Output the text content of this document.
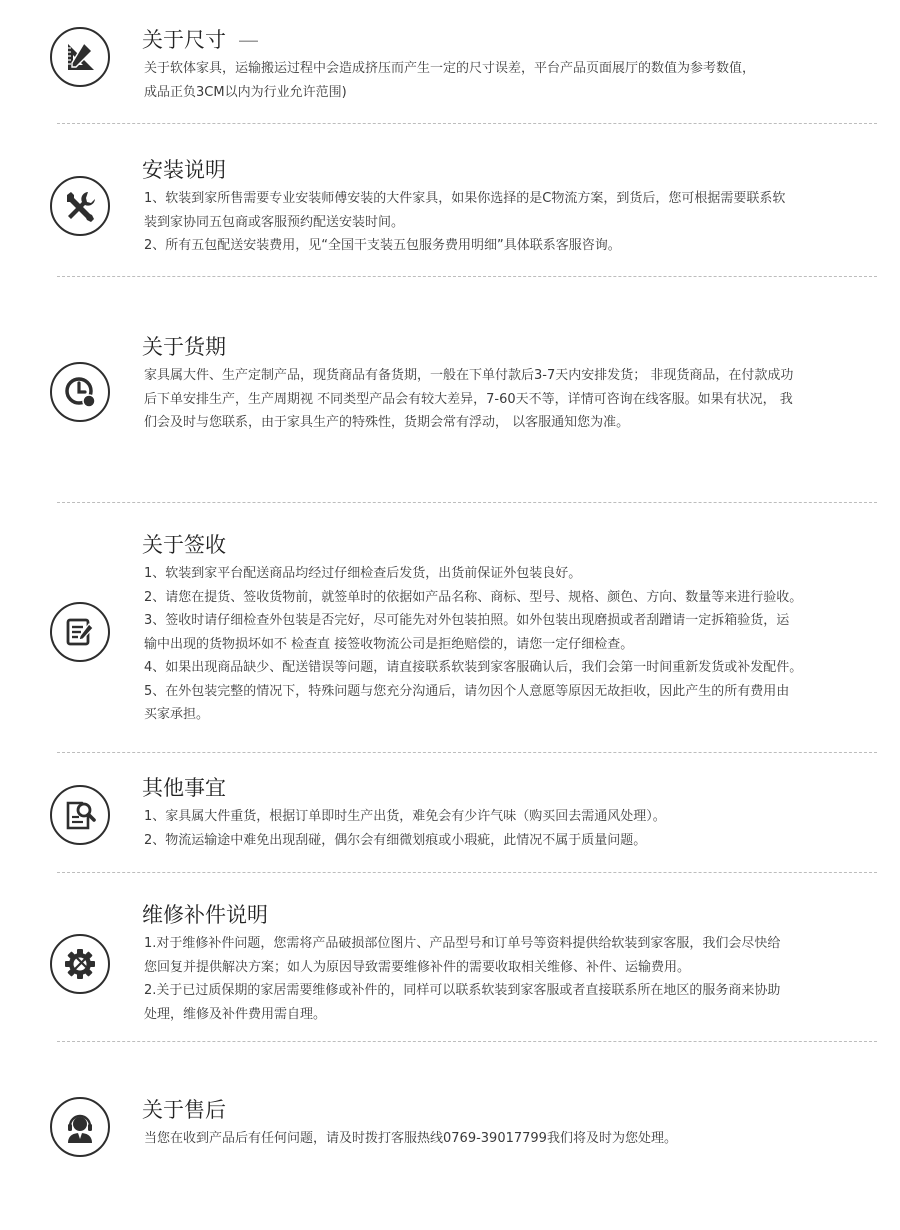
关于尺寸 —

关于软体家具，运输搬运过程中会造成挤压而产生一定的尺寸误差，平台产品页面展厅的数值为参考数值，

成品正负3CM以内为行业允许范围)

安装说明

1、软装到家所售需要专业安装师傅安装的大件家具，如果你选择的是C物流方案，到货后，您可根据需要联系软

装到家协同五包商或客服预约配送安装时间。

2、所有五包配送安装费用，见“全国干支装五包服务费用明细”具体联系客服咨询。

关于货期

家具属大件、生产定制产品，现货商品有备货期，一般在下单付款后3-7天内安排发货； 非现货商品，在付款成功

后下单安排生产，生产周期视 不同类型产品会有较大差异，7-60天不等，详情可咨询在线客服。如果有状况， 我

们会及时与您联系，由于家具生产的特殊性，货期会常有浮动， 以客服通知您为准。

关于签收

1、软装到家平台配送商品均经过仔细检查后发货，出货前保证外包装良好。

2、请您在提货、签收货物前，就签单时的依据如产品名称、商标、型号、规格、颜色、方向、数量等来进行验收。

3、签收时请仔细检查外包装是否完好，尽可能先对外包装拍照。如外包装出现磨损或者刮蹭请一定拆箱验货，运

输中出现的货物损坏如不 检查直 接签收物流公司是拒绝赔偿的，请您一定仔细检查。

4、如果出现商品缺少、配送错误等问题，请直接联系软装到家客服确认后，我们会第一时间重新发货或补发配件。

5、在外包装完整的情况下，特殊问题与您充分沟通后，请勿因个人意愿等原因无故拒收，因此产生的所有费用由

买家承担。

其他事宜

1、家具属大件重货，根据订单即时生产出货，难免会有少许气味（购买回去需通风处理）。

2、物流运输途中难免出现刮碰，偶尔会有细微划痕或小瑕疵，此情况不属于质量问题。

维修补件说明

1.对于维修补件问题，您需将产品破损部位图片、产品型号和订单号等资料提供给软装到家客服，我们会尽快给

您回复并提供解决方案；如人为原因导致需要维修补件的需要收取相关维修、补件、运输费用。

2.关于已过质保期的家居需要维修或补件的，同样可以联系软装到家客服或者直接联系所在地区的服务商来协助

处理，维修及补件费用需自理。

关于售后

当您在收到产品后有任何问题，请及时拨打客服热线0769-39017799我们将及时为您处理。
